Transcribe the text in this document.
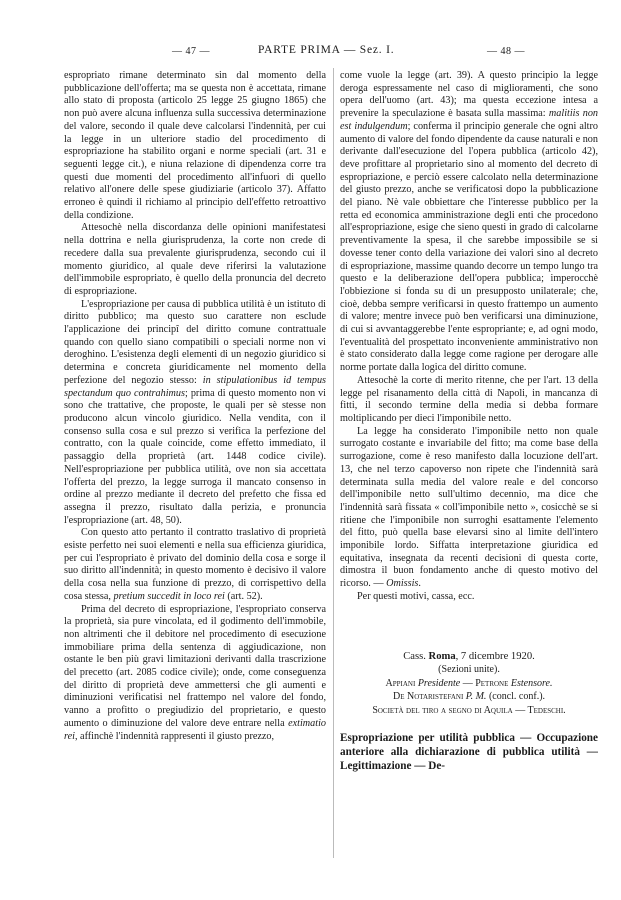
— 47 —	PARTE PRIMA — Sez. I.	— 48 —

espropriato rimane determinato sin dal momento della pubblicazione dell'offerta; ma se questa non è accettata, rimane allo stato di proposta (articolo 25 legge 25 giugno 1865) che non può avere alcuna influenza sulla successiva determinazione del valore, secondo il quale deve calcolarsi l'indennità, per cui la legge in un ulteriore stadio del procedimento di espropriazione ha stabilito organi e norme speciali (art. 31 e seguenti legge cit.), e niuna relazione di dipendenza corre tra questi due momenti del procedimento all'infuori di quello relativo all'onere delle spese giudiziarie (articolo 37). Affatto erroneo è quindi il richiamo al principio dell'effetto retroattivo della condizione.

Attesochè nella discordanza delle opinioni manifestatesi nella dottrina e nella giurisprudenza, la corte non crede di recedere dalla sua prevalente giurisprudenza, secondo cui il momento giuridico, al quale deve riferirsi la valutazione dell'immobile espropriato, è quello della pronuncia del decreto di espropriazione.

L'espropriazione per causa di pubblica utilità è un istituto di diritto pubblico; ma questo suo carattere non esclude l'applicazione dei principî del diritto comune contrattuale quando con quello siano compatibili o speciali norme non vi deroghino. L'esistenza degli elementi di un negozio giuridico si determina e concreta giuridicamente nel momento della perfezione del negozio stesso: in stipulationibus id tempus spectandum quo contrahimus; prima di questo momento non vi sono che trattative, che proposte, le quali per sè stesse non producono alcun vincolo giuridico. Nella vendita, con il consenso sulla cosa e sul prezzo si verifica la perfezione del contratto, con la quale coincide, come effetto immediato, il passaggio della proprietà (art. 1448 codice civile). Nell'espropriazione per pubblica utilità, ove non sia accettata l'offerta del prezzo, la legge surroga il mancato consenso in ordine al prezzo mediante il decreto del prefetto che fissa ed assegna il prezzo, risultato dalla perizia, e pronuncia l'espropriazione (art. 48, 50).

Con questo atto pertanto il contratto traslativo di proprietà esiste perfetto nei suoi elementi e nella sua efficienza giuridica, per cui l'espropriato è privato del dominio della cosa e sorge il suo diritto all'indennità; in questo momento è decisivo il valore della cosa nella sua funzione di prezzo, di corrispettivo della cosa stessa, pretium succedit in loco rei (art. 52).

Prima del decreto di espropriazione, l'espropriato conserva la proprietà, sia pure vincolata, ed il godimento dell'immobile, non altrimenti che il debitore nel procedimento di esecuzione immobiliare prima della sentenza di aggiudicazione, non ostante le ben più gravi limitazioni derivanti dalla trascrizione del precetto (art. 2085 codice civile); onde, come conseguenza del diritto di proprietà deve ammettersi che gli aumenti e diminuzioni verificatisi nel frattempo nel valore del fondo, vanno a profitto o pregiudizio del proprietario, e questo aumento o diminuzione del valore deve entrare nella extimatio rei, affinchè l'indennità rappresenti il giusto prezzo,

come vuole la legge (art. 39). A questo principio la legge deroga espressamente nel caso di miglioramenti, che sono opera dell'uomo (art. 43); ma questa eccezione intesa a prevenire la speculazione è basata sulla massima: malitiis non est indulgendum; conferma il principio generale che ogni altro aumento di valore del fondo dipendente da cause naturali e non derivante dall'esecuzione del l'opera pubblica (articolo 42), deve profittare al proprietario sino al momento del decreto di espropriazione, e perciò essere calcolato nella determinazione del giusto prezzo, anche se verificatosi dopo la pubblicazione del piano. Nè vale obbiettare che l'interesse pubblico per la retta ed economica amministrazione degli enti che procedono all'espropriazione, esige che sieno questi in grado di calcolarne preventivamente la spesa, il che sarebbe impossibile se si dovesse tener conto della variazione dei valori sino al decreto di espropriazione, massime quando decorre un tempo lungo tra questo e la deliberazione dell'opera pubblica; imperocchè l'obbiezione si fonda su di un presupposto unilaterale; che, cioè, debba sempre verificarsi in questo frattempo un aumento di valore; mentre invece può ben verificarsi una diminuzione, di cui si avvantaggerebbe l'ente espropriante; e, ad ogni modo, l'eventualità del prospettato inconveniente amministrativo non è stato considerato dalla legge come ragione per derogare alle norme portate dalla logica del diritto comune.

Attesochè la corte di merito ritenne, che per l'art. 13 della legge pel risanamento della città di Napoli, in mancanza di fitti, il secondo termine della media si debba formare moltiplicando per dieci l'imponibile netto.

La legge ha considerato l'imponibile netto non quale surrogato costante e invariabile del fitto; ma come base della surrogazione, come è reso manifesto dalla locuzione dell'art. 13, che nel terzo capoverso non ripete che l'indennità sarà determinata sulla media del valore reale e del concorso dell'imponibile netto sull'ultimo decennio, ma dice che l'indennità sarà fissata « coll'imponibile netto », cosicchè se si ritiene che l'imponibile non surroghi esattamente l'elemento del fitto, può quella base elevarsi sino al limite dell'intero imponibile lordo. Siffatta interpretazione giuridica ed equitativa, insegnata da recenti decisioni di questa corte, dimostra il buon fondamento anche di questo motivo del ricorso. — Omissis.

Per questi motivi, cassa, ecc.

Cass. Roma, 7 dicembre 1920.
(Sezioni unite).
Appiani Presidente — Petrone Estensore.
De Notaristefani P. M. (concl. conf.).
Società del tiro a segno di Aquila — Tedeschi.

Espropriazione per utilità pubblica — Occupazione anteriore alla dichiarazione di pubblica utilità — Legittimazione — De-
